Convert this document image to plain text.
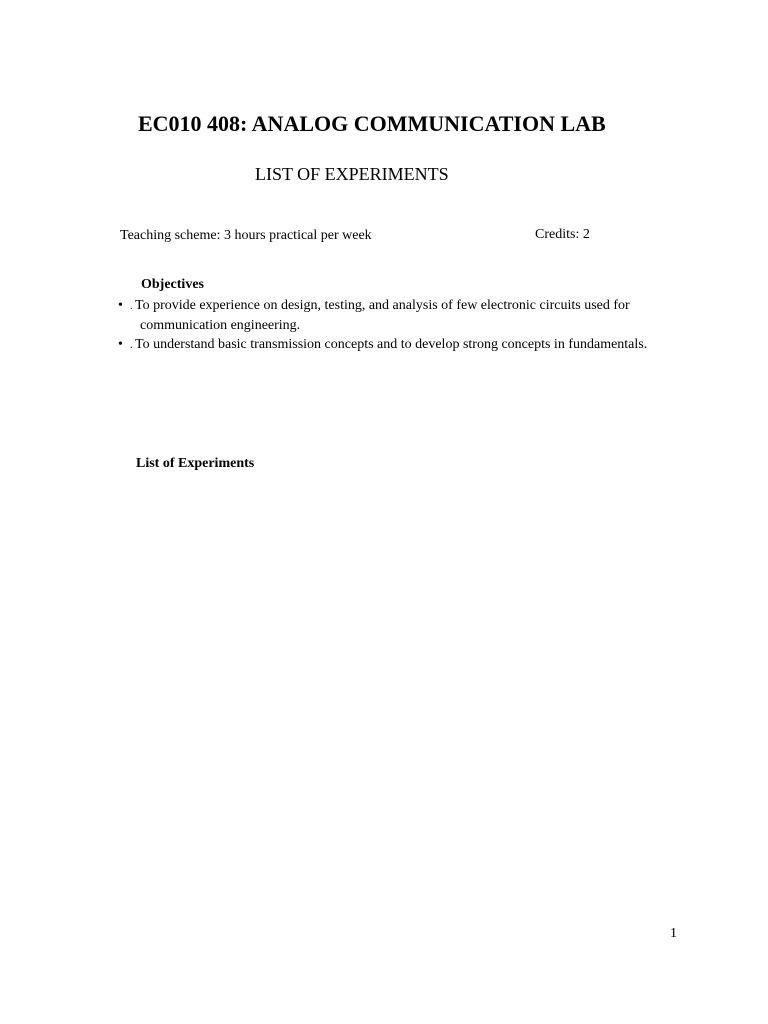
EC010 408: ANALOG COMMUNICATION LAB
LIST OF EXPERIMENTS
Teaching scheme: 3 hours practical per week	Credits: 2
Objectives
• . To provide experience on design, testing, and analysis of few electronic circuits used for communication engineering.
• . To understand basic transmission concepts and to develop strong concepts in fundamentals.
List of Experiments
1
